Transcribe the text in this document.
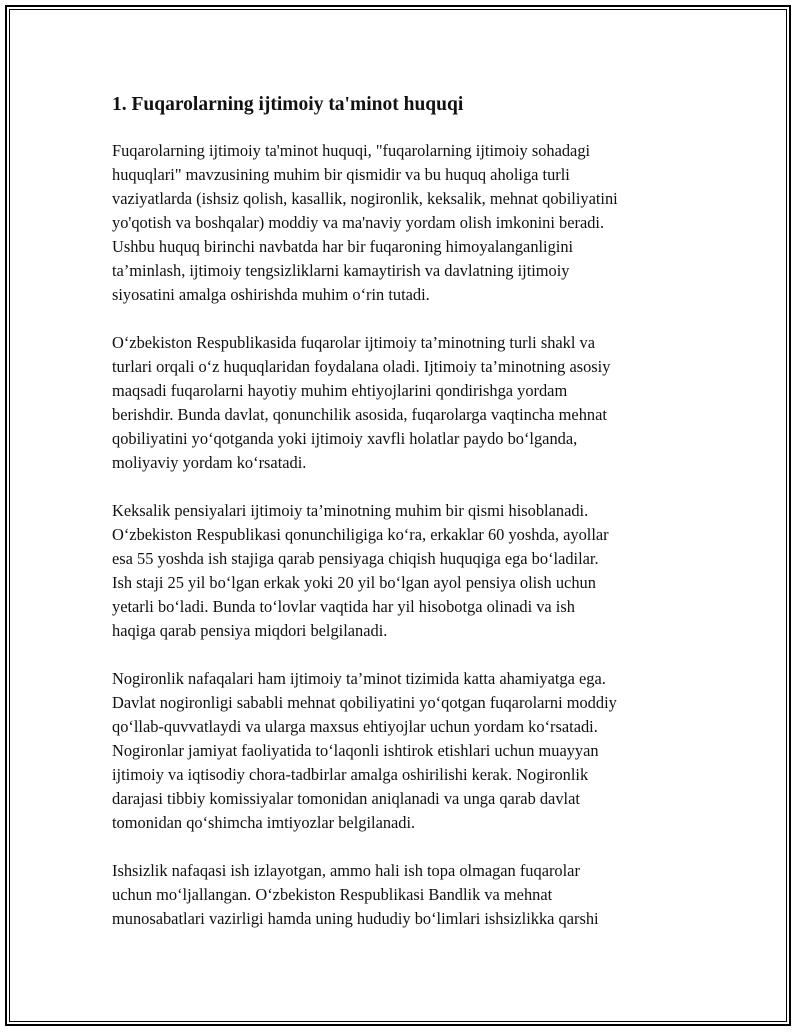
1. Fuqarolarning ijtimoiy ta'minot huquqi

Fuqarolarning ijtimoiy ta'minot huquqi, "fuqarolarning ijtimoiy sohadagi
huquqlari" mavzusining muhim bir qismidir va bu huquq aholiga turli
vaziyatlarda (ishsiz qolish, kasallik, nogironlik, keksalik, mehnat qobiliyatini
yo'qotish va boshqalar) moddiy va ma'naviy yordam olish imkonini beradi.
Ushbu huquq birinchi navbatda har bir fuqaroning himoyalanganligini
ta’minlash, ijtimoiy tengsizliklarni kamaytirish va davlatning ijtimoiy
siyosatini amalga oshirishda muhim o‘rin tutadi.

O‘zbekiston Respublikasida fuqarolar ijtimoiy ta’minotning turli shakl va
turlari orqali o‘z huquqlaridan foydalana oladi. Ijtimoiy ta’minotning asosiy
maqsadi fuqarolarni hayotiy muhim ehtiyojlarini qondirishga yordam
berishdir. Bunda davlat, qonunchilik asosida, fuqarolarga vaqtincha mehnat
qobiliyatini yo‘qotganda yoki ijtimoiy xavfli holatlar paydo bo‘lganda,
moliyaviy yordam ko‘rsatadi.

Keksalik pensiyalari ijtimoiy ta’minotning muhim bir qismi hisoblanadi.
O‘zbekiston Respublikasi qonunchiligiga ko‘ra, erkaklar 60 yoshda, ayollar
esa 55 yoshda ish stajiga qarab pensiyaga chiqish huquqiga ega bo‘ladilar.
Ish staji 25 yil bo‘lgan erkak yoki 20 yil bo‘lgan ayol pensiya olish uchun
yetarli bo‘ladi. Bunda to‘lovlar vaqtida har yil hisobotga olinadi va ish
haqiga qarab pensiya miqdori belgilanadi.

Nogironlik nafaqalari ham ijtimoiy ta’minot tizimida katta ahamiyatga ega.
Davlat nogironligi sababli mehnat qobiliyatini yo‘qotgan fuqarolarni moddiy
qo‘llab-quvvatlaydi va ularga maxsus ehtiyojlar uchun yordam ko‘rsatadi.
Nogironlar jamiyat faoliyatida to‘laqonli ishtirok etishlari uchun muayyan
ijtimoiy va iqtisodiy chora-tadbirlar amalga oshirilishi kerak. Nogironlik
darajasi tibbiy komissiyalar tomonidan aniqlanadi va unga qarab davlat
tomonidan qo‘shimcha imtiyozlar belgilanadi.

Ishsizlik nafaqasi ish izlayotgan, ammo hali ish topa olmagan fuqarolar
uchun mo‘ljallangan. O‘zbekiston Respublikasi Bandlik va mehnat
munosabatlari vazirligi hamda uning hududiy bo‘limlari ishsizlikka qarshi
